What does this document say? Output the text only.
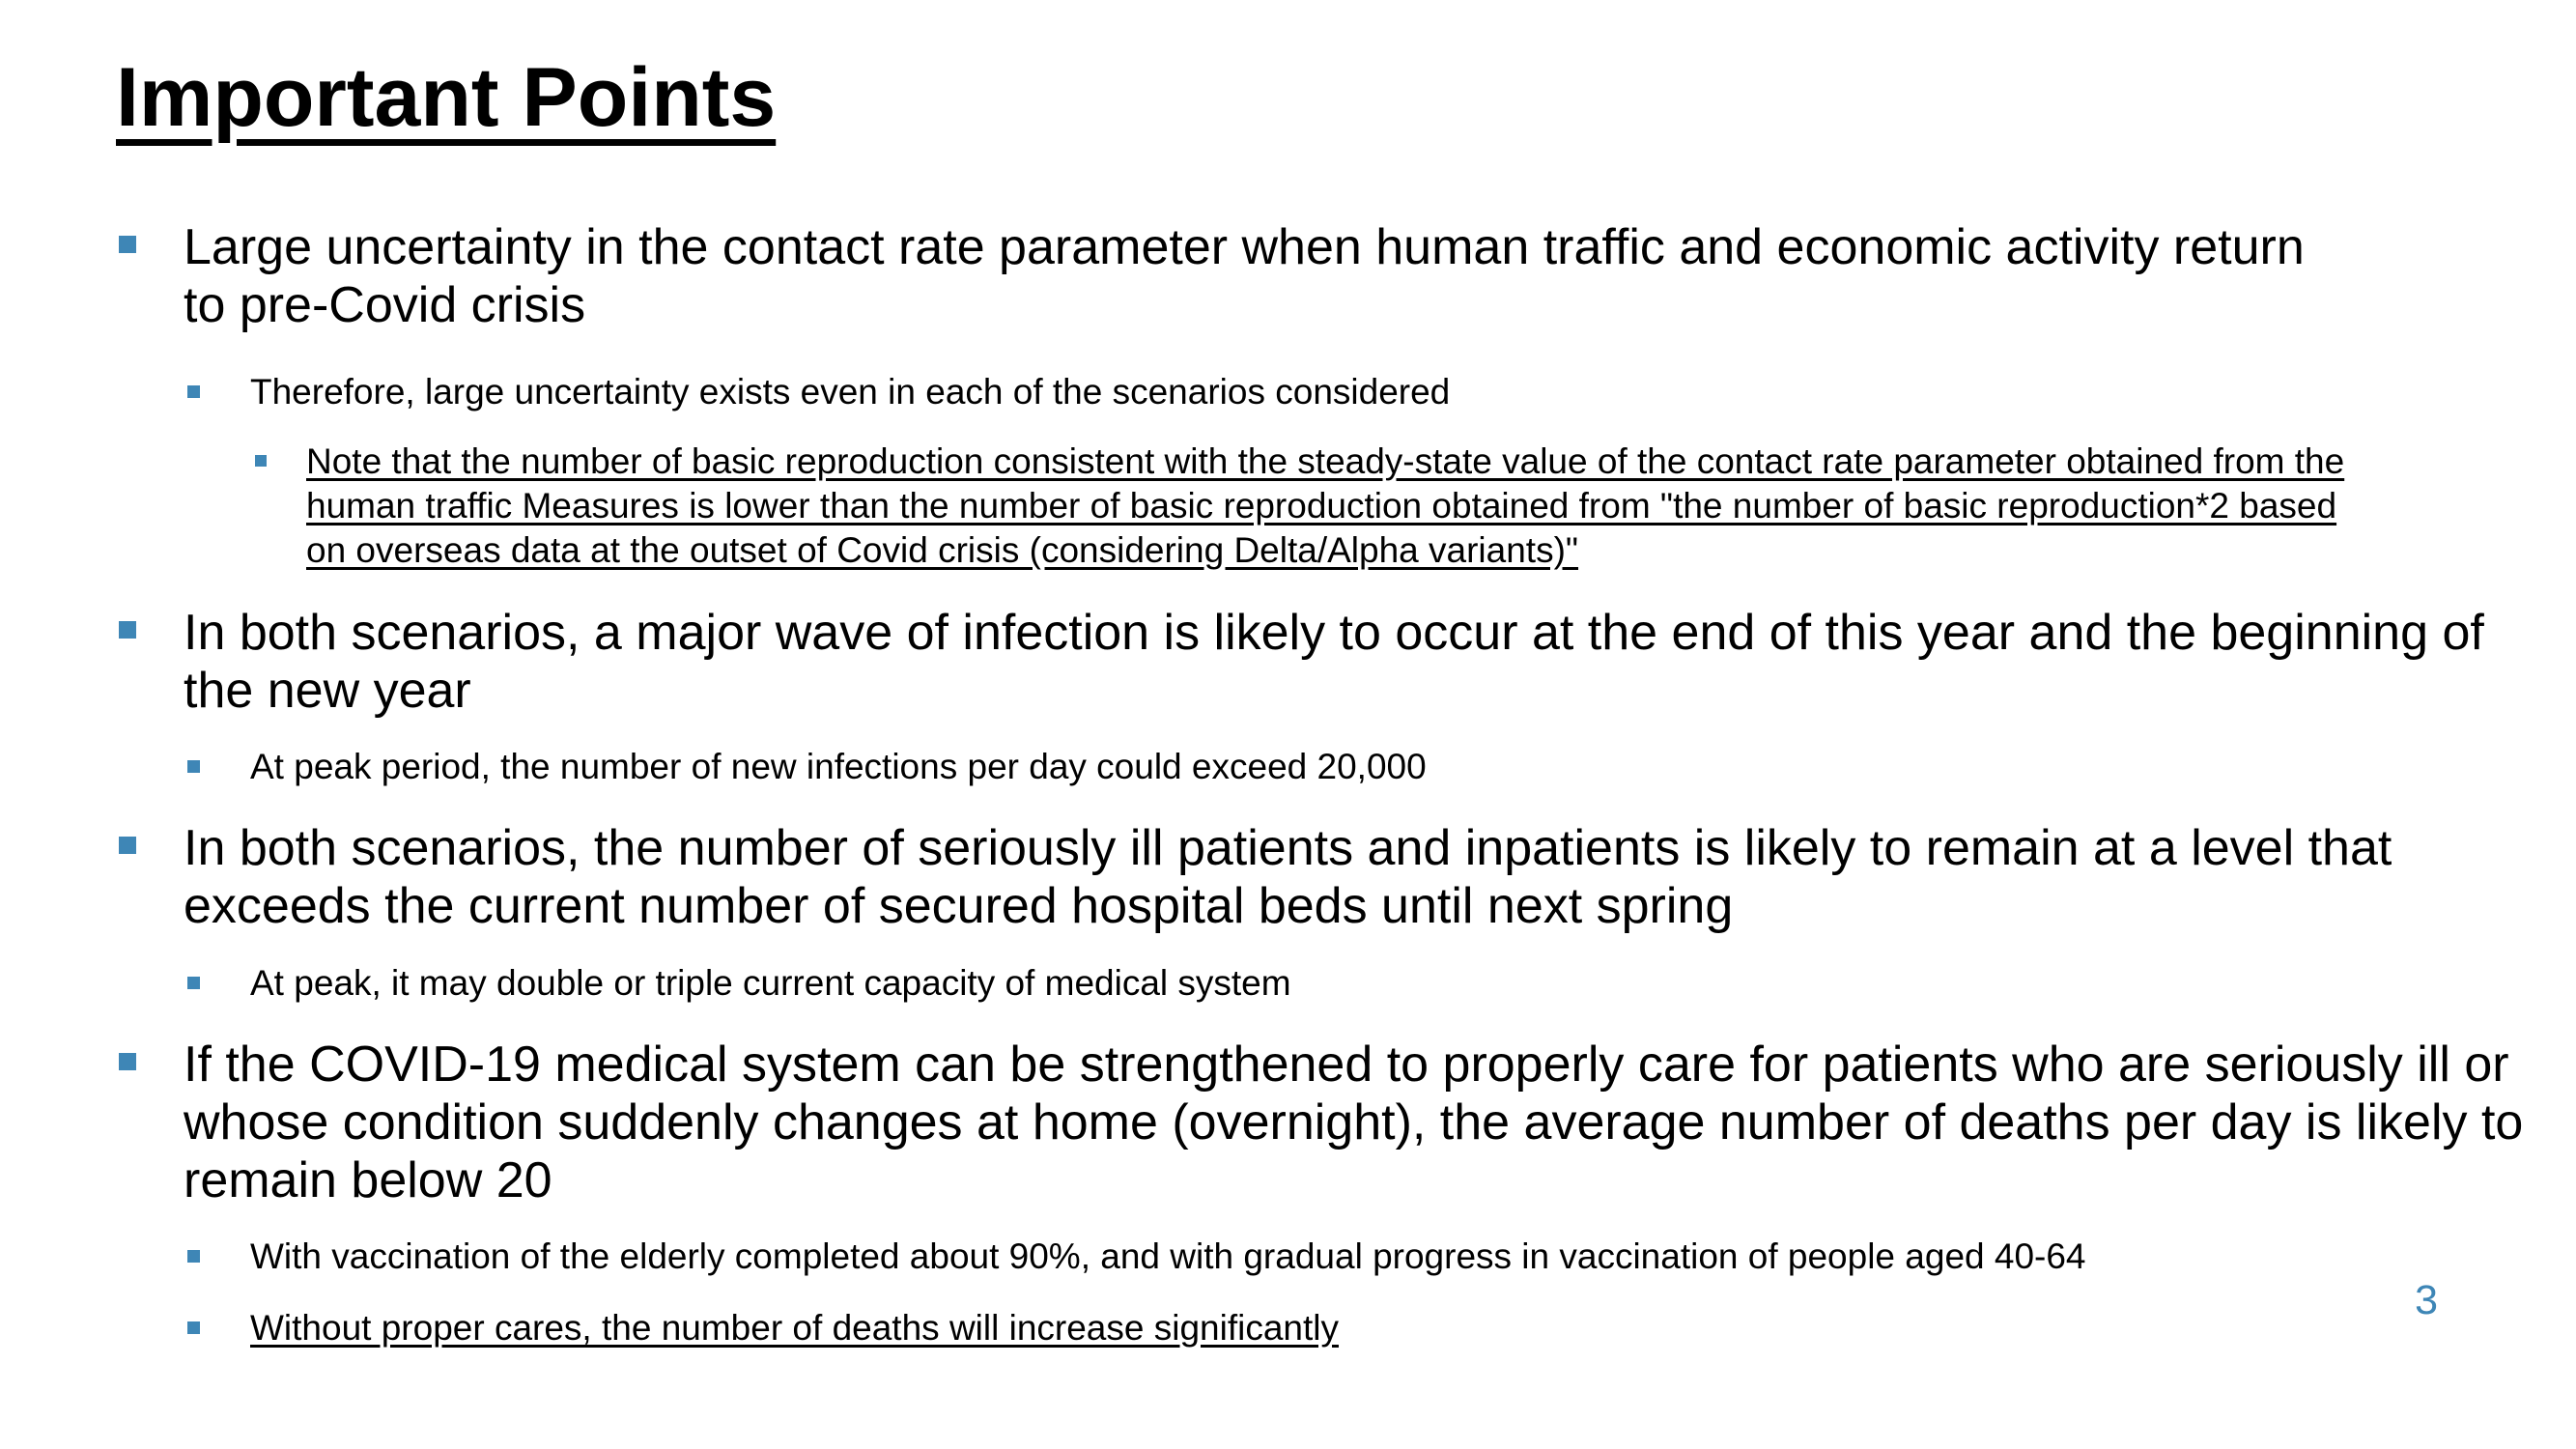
Important Points
Large uncertainty in the contact rate parameter when human traffic and economic activity return
to pre-Covid crisis
Therefore, large uncertainty exists even in each of the scenarios considered
Note that the number of basic reproduction consistent with the steady-state value of the contact rate parameter obtained from the
human traffic Measures is lower than the number of basic reproduction obtained from "the number of basic reproduction*2 based
on overseas data at the outset of Covid crisis (considering Delta/Alpha variants)"
In both scenarios, a major wave of infection is likely to occur at the end of this year and the beginning of
the new year
At peak period, the number of new infections per day could exceed 20,000
In both scenarios, the number of seriously ill patients and inpatients is likely to remain at a level that
exceeds the current number of secured hospital beds until next spring
At peak, it may double or triple current capacity of medical system
If the COVID-19 medical system can be strengthened to properly care for patients who are seriously ill or
whose condition suddenly changes at home (overnight), the average number of deaths per day is likely to
remain below 20
With vaccination of the elderly completed about 90%, and with gradual progress in vaccination of people aged 40-64
Without proper cares, the number of deaths will increase significantly
3
